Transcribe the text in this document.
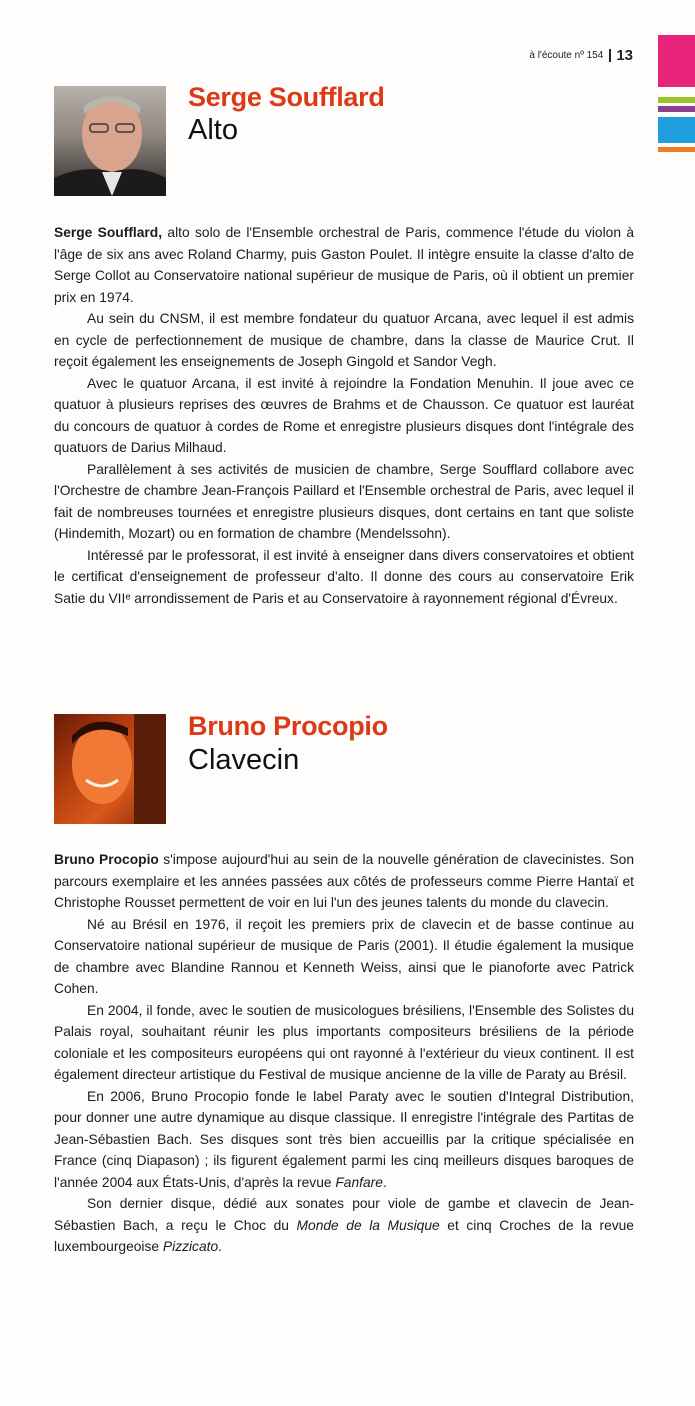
à l'écoute nº 154 13
Serge Soufflard
Alto

Serge Soufflard, alto solo de l'Ensemble orchestral de Paris, commence l'étude du violon à l'âge de six ans avec Roland Charmy, puis Gaston Poulet. Il intègre ensuite la classe d'alto de Serge Collot au Conservatoire national supérieur de musique de Paris, où il obtient un premier prix en 1974.

Au sein du CNSM, il est membre fondateur du quatuor Arcana, avec lequel il est admis en cycle de perfectionnement de musique de chambre, dans la classe de Maurice Crut. Il reçoit également les enseignements de Joseph Gingold et Sandor Vegh.

Avec le quatuor Arcana, il est invité à rejoindre la Fondation Menuhin. Il joue avec ce quatuor à plusieurs reprises des œuvres de Brahms et de Chausson. Ce quatuor est lauréat du concours de quatuor à cordes de Rome et enregistre plusieurs disques dont l'intégrale des quatuors de Darius Milhaud.

Parallèlement à ses activités de musicien de chambre, Serge Soufflard collabore avec l'Orchestre de chambre Jean-François Paillard et l'Ensemble orchestral de Paris, avec lequel il fait de nombreuses tournées et enregistre plusieurs disques, dont certains en tant que soliste (Hindemith, Mozart) ou en formation de chambre (Mendelssohn).

Intéressé par le professorat, il est invité à enseigner dans divers conservatoires et obtient le certificat d'enseignement de professeur d'alto. Il donne des cours au conservatoire Erik Satie du VIIᵉ arrondissement de Paris et au Conservatoire à rayonnement régional d'Évreux.

Bruno Procopio
Clavecin

Bruno Procopio s'impose aujourd'hui au sein de la nouvelle génération de clavecinistes. Son parcours exemplaire et les années passées aux côtés de professeurs comme Pierre Hantaï et Christophe Rousset permettent de voir en lui l'un des jeunes talents du monde du clavecin.

Né au Brésil en 1976, il reçoit les premiers prix de clavecin et de basse continue au Conservatoire national supérieur de musique de Paris (2001). Il étudie également la musique de chambre avec Blandine Rannou et Kenneth Weiss, ainsi que le pianoforte avec Patrick Cohen.

En 2004, il fonde, avec le soutien de musicologues brésiliens, l'Ensemble des Solistes du Palais royal, souhaitant réunir les plus importants compositeurs brésiliens de la période coloniale et les compositeurs européens qui ont rayonné à l'extérieur du vieux continent. Il est également directeur artistique du Festival de musique ancienne de la ville de Paraty au Brésil.

En 2006, Bruno Procopio fonde le label Paraty avec le soutien d'Integral Distribution, pour donner une autre dynamique au disque classique. Il enregistre l'intégrale des Partitas de Jean-Sébastien Bach. Ses disques sont très bien accueillis par la critique spécialisée en France (cinq Diapason) ; ils figurent également parmi les cinq meilleurs disques baroques de l'année 2004 aux États-Unis, d'après la revue Fanfare.

Son dernier disque, dédié aux sonates pour viole de gambe et clavecin de Jean-Sébastien Bach, a reçu le Choc du Monde de la Musique et cinq Croches de la revue luxembourgeoise Pizzicato.
